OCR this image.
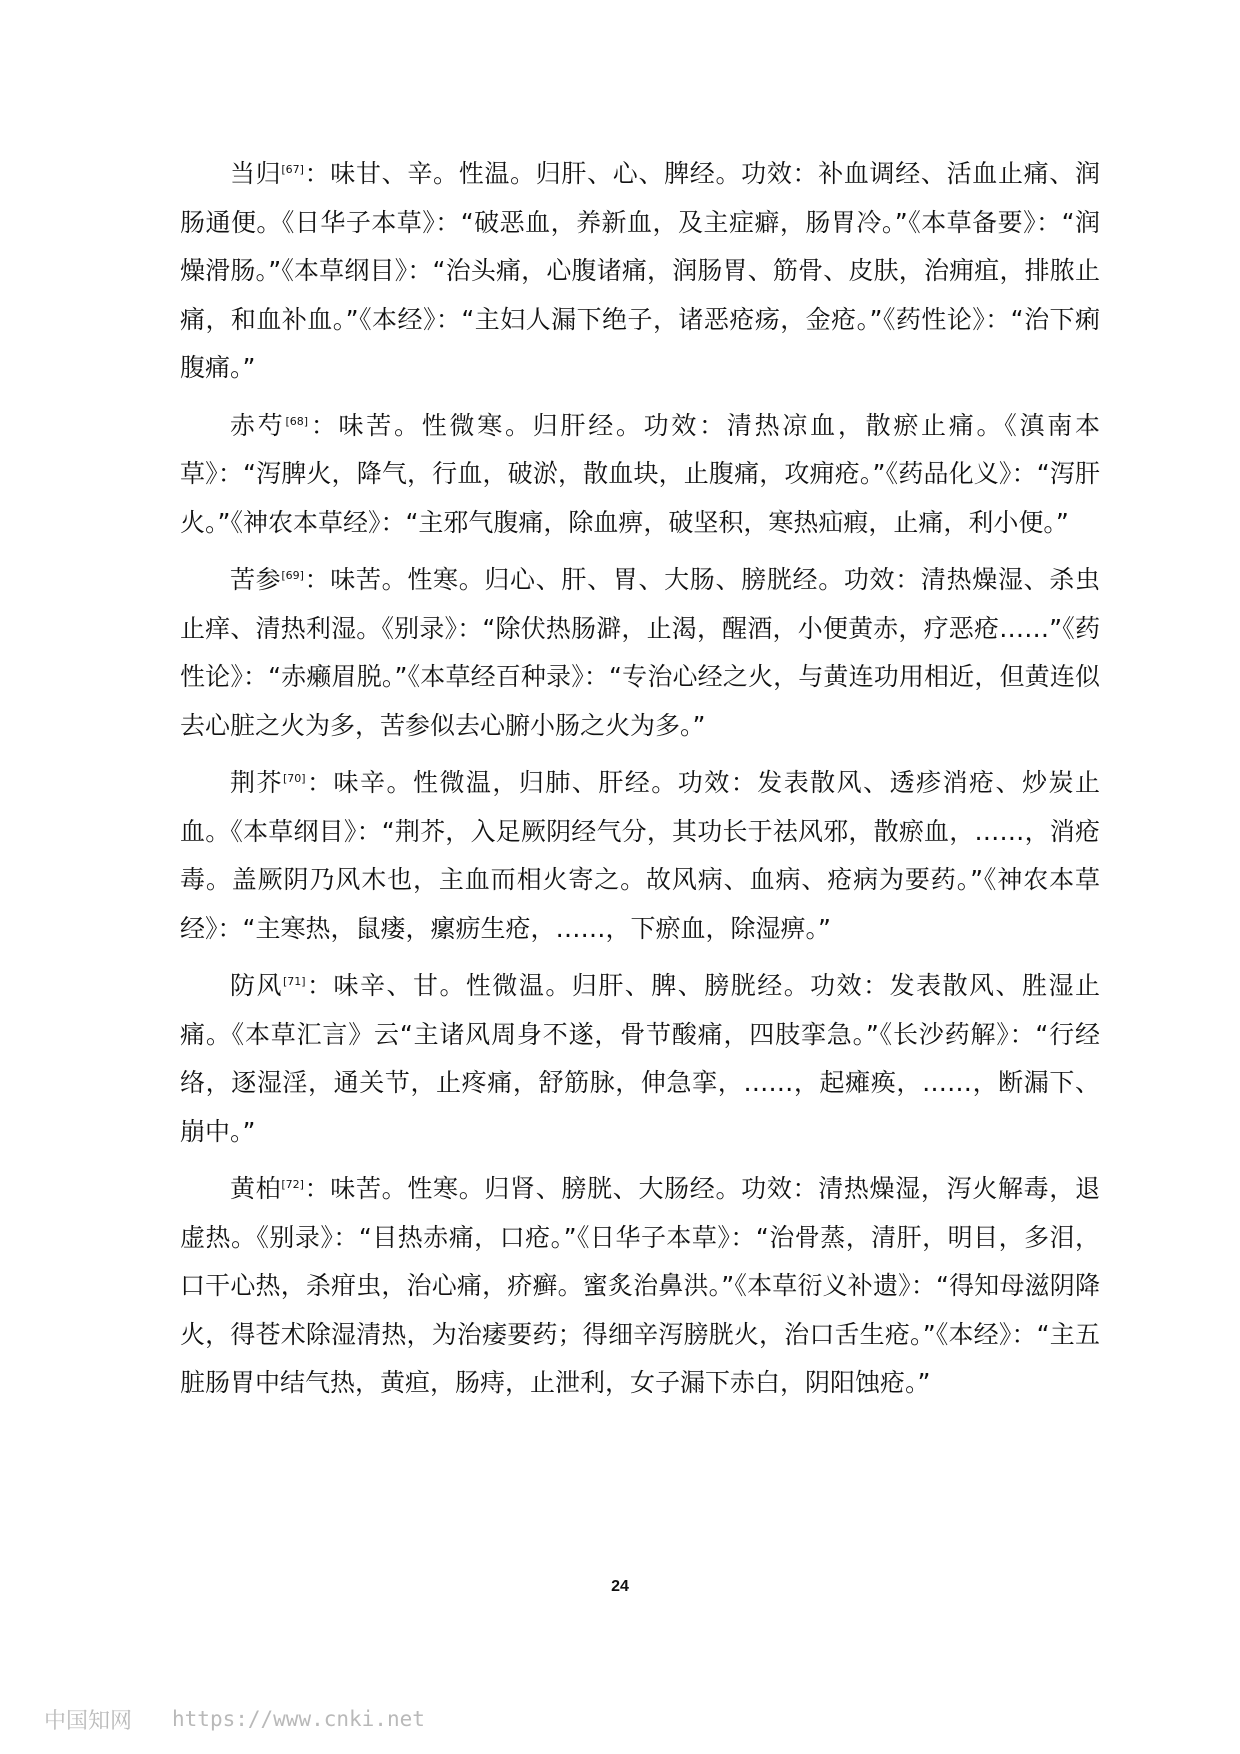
当归[67]：味甘、辛。性温。归肝、心、脾经。功效：补血调经、活血止痛、润肠通便。《日华子本草》：“破恶血，养新血，及主症癖，肠胃冷。”《本草备要》：“润燥滑肠。”《本草纲目》：“治头痛，心腹诸痛，润肠胃、筋骨、皮肤，治痈疽，排脓止痛，和血补血。”《本经》：“主妇人漏下绝子，诸恶疮疡，金疮。”《药性论》：“治下痢腹痛。”

赤芍[68]：味苦。性微寒。归肝经。功效：清热凉血，散瘀止痛。《滇南本草》：“泻脾火，降气，行血，破淤，散血块，止腹痛，攻痈疮。”《药品化义》：“泻肝火。”《神农本草经》：“主邪气腹痛，除血痹，破坚积，寒热疝瘕，止痛，利小便。”

苦参[69]：味苦。性寒。归心、肝、胃、大肠、膀胱经。功效：清热燥湿、杀虫止痒、清热利湿。《别录》：“除伏热肠澼，止渴，醒酒，小便黄赤，疗恶疮……”《药性论》：“赤癞眉脱。”《本草经百种录》：“专治心经之火，与黄连功用相近，但黄连似去心脏之火为多，苦参似去心腑小肠之火为多。”

荆芥[70]：味辛。性微温，归肺、肝经。功效：发表散风、透疹消疮、炒炭止血。《本草纲目》：“荆芥，入足厥阴经气分，其功长于祛风邪，散瘀血，……，消疮毒。盖厥阴乃风木也，主血而相火寄之。故风病、血病、疮病为要药。”《神农本草经》：“主寒热，鼠瘘，瘰疬生疮，……，下瘀血，除湿痹。”

防风[71]：味辛、甘。性微温。归肝、脾、膀胱经。功效：发表散风、胜湿止痛。《本草汇言》云“主诸风周身不遂，骨节酸痛，四肢挛急。”《长沙药解》：“行经络，逐湿淫，通关节，止疼痛，舒筋脉，伸急挛，……，起瘫痪，……，断漏下、崩中。”

黄柏[72]：味苦。性寒。归肾、膀胱、大肠经。功效：清热燥湿，泻火解毒，退虚热。《别录》：“目热赤痛，口疮。”《日华子本草》：“治骨蒸，清肝，明目，多泪，口干心热，杀疳虫，治心痛，疥癣。蜜炙治鼻洪。”《本草衍义补遗》：“得知母滋阴降火，得苍术除湿清热，为治痿要药；得细辛泻膀胱火，治口舌生疮。”《本经》：“主五脏肠胃中结气热，黄疸，肠痔，止泄利，女子漏下赤白，阴阳蚀疮。”

24
中国知网 https://www.cnki.net
